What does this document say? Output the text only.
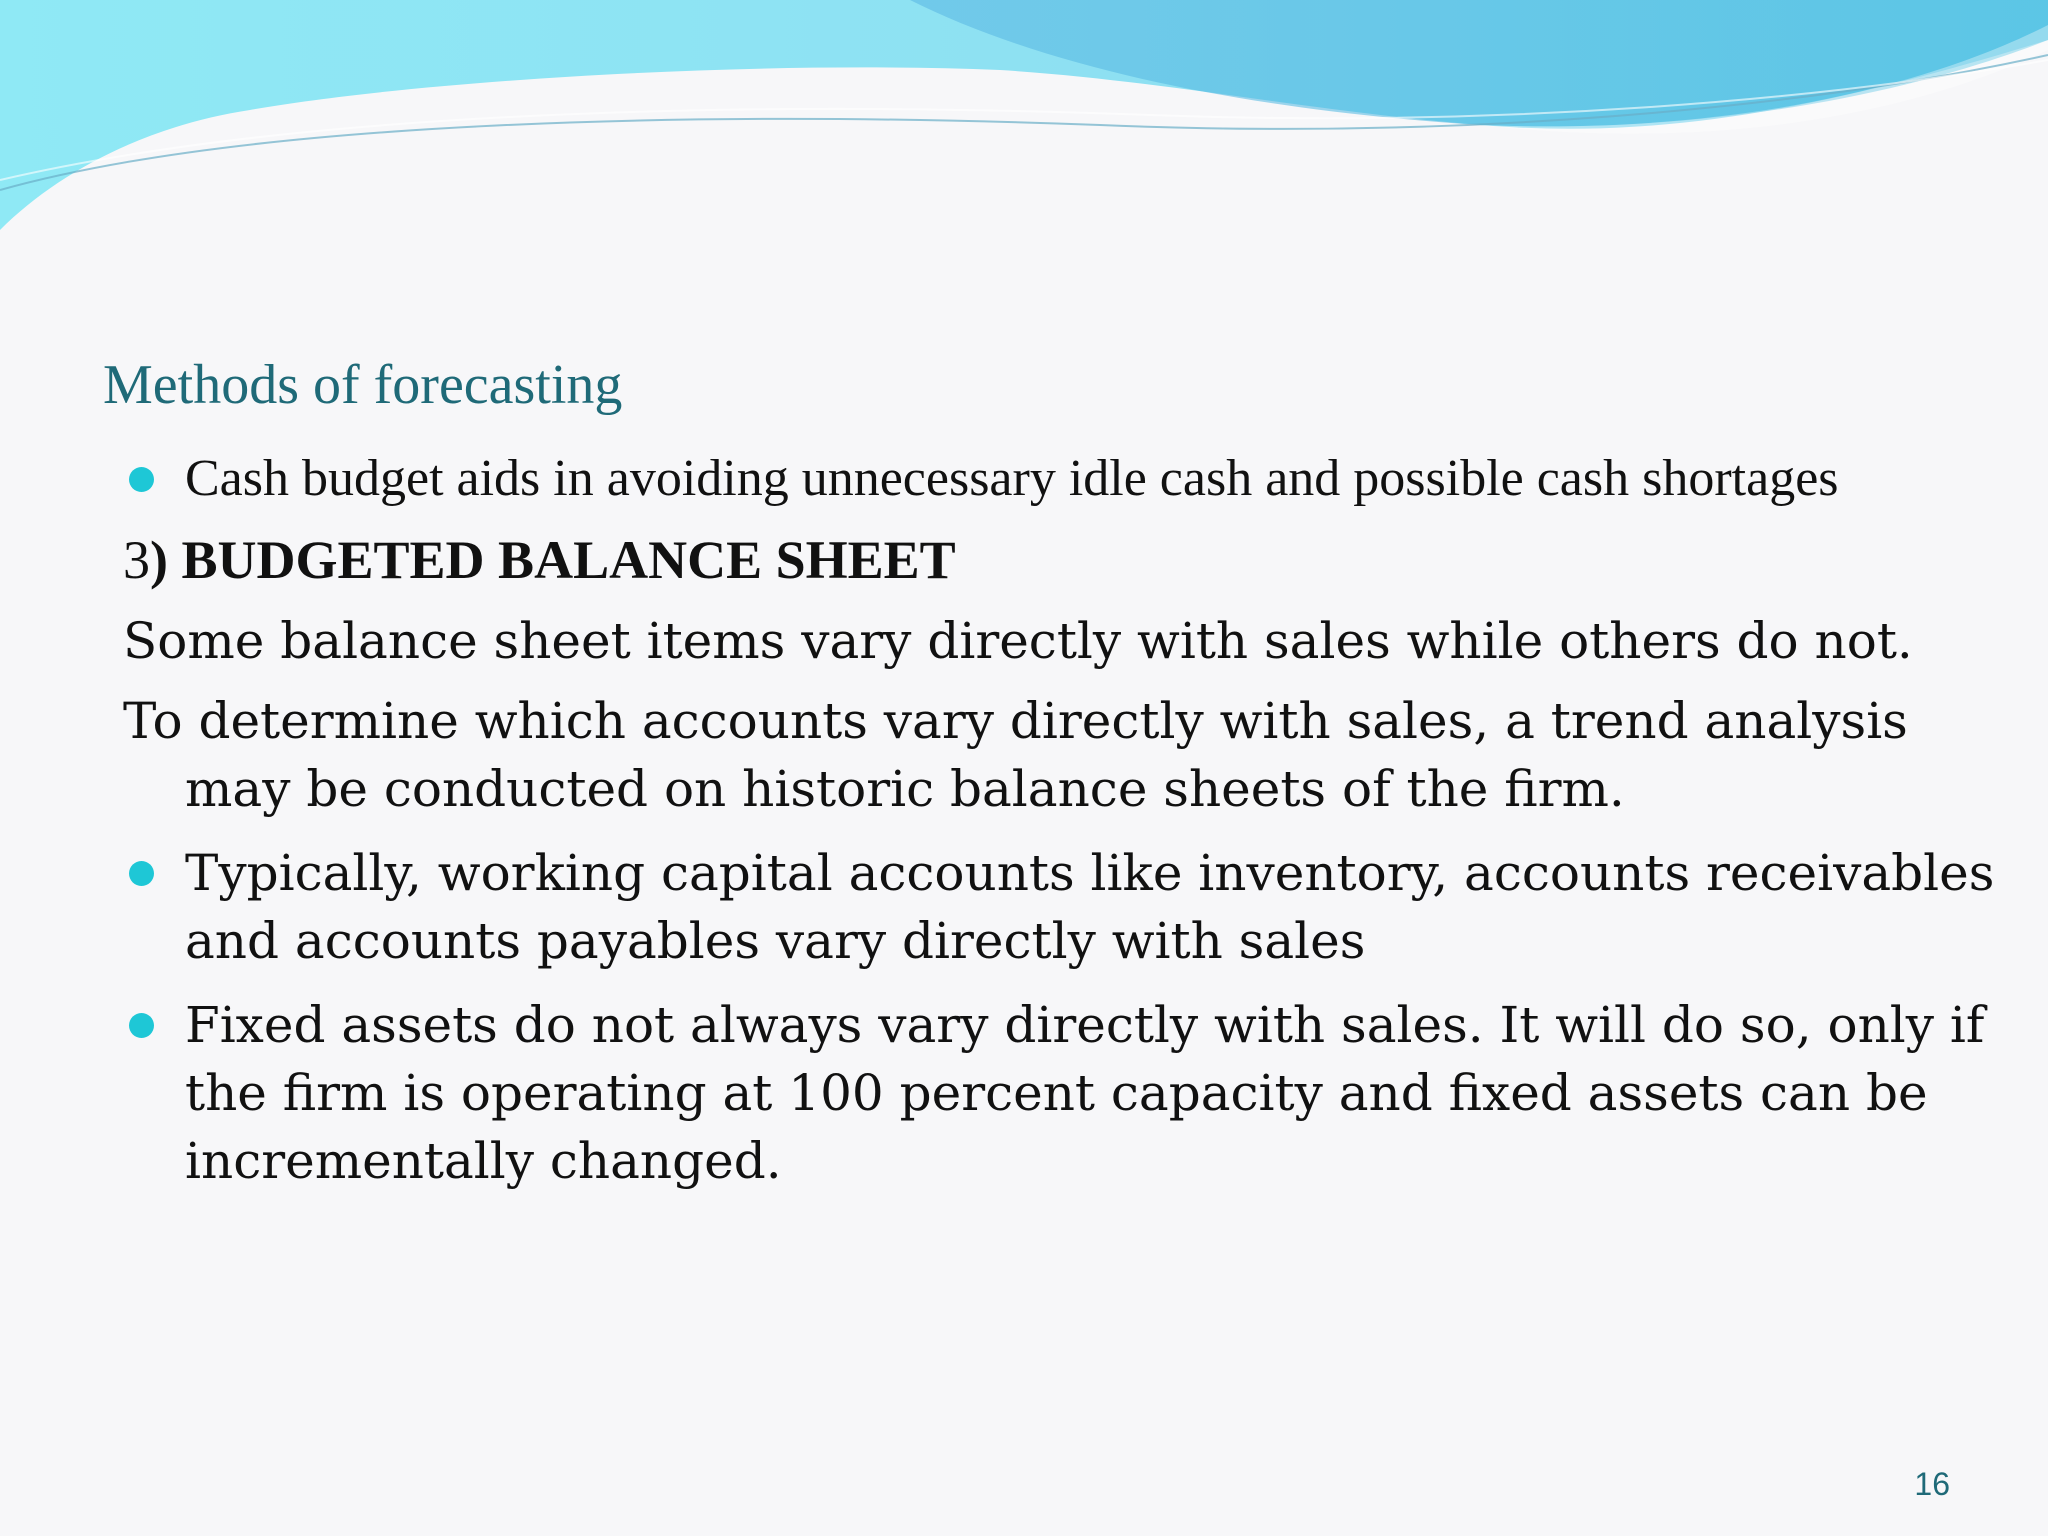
Methods of forecasting
Cash budget aids in avoiding unnecessary idle cash and possible cash shortages
3) BUDGETED BALANCE SHEET
Some balance sheet items vary directly with sales while others do not.
To determine which accounts vary directly with sales, a trend analysis may be conducted on historic balance sheets of the firm.
Typically, working capital accounts like inventory, accounts receivables and accounts payables vary directly with sales
Fixed assets do not always vary directly with sales. It will do so, only if the firm is operating at 100 percent capacity and fixed assets can be incrementally changed.
16
